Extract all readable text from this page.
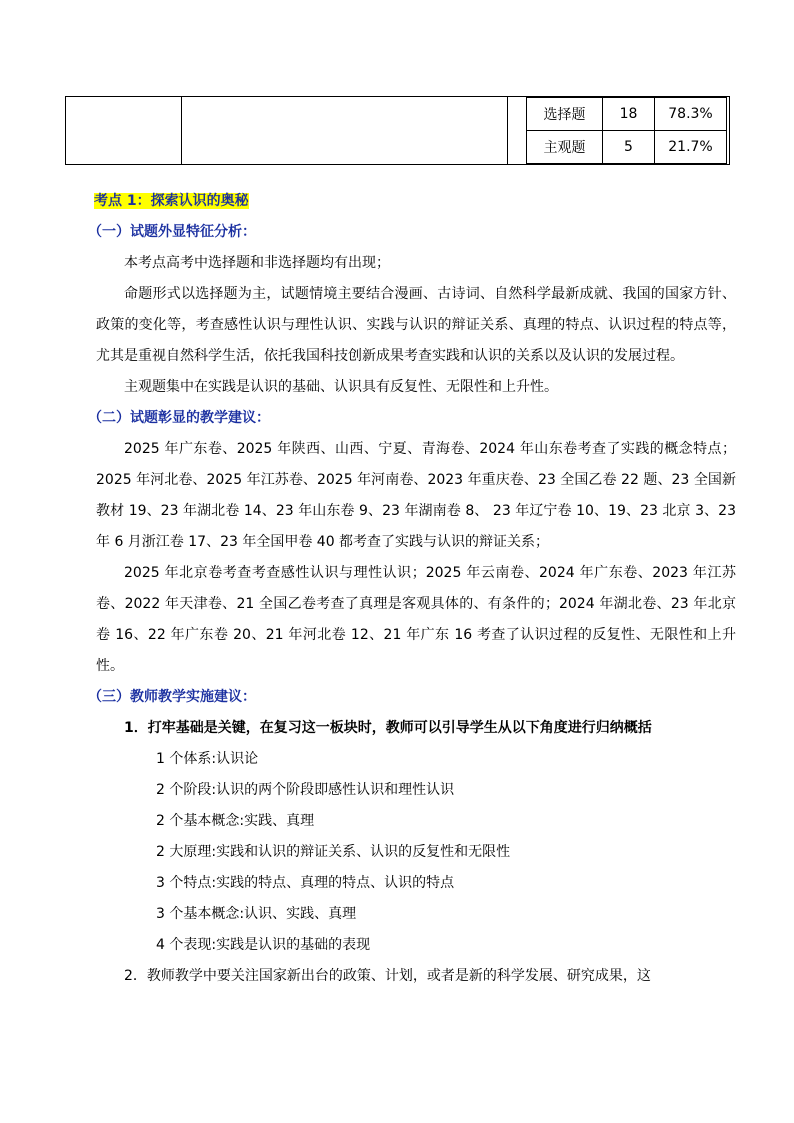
选择题	18	78.3%
主观题	5	21.7%
考点 1：探索认识的奥秘
（一）试题外显特征分析：
本考点高考中选择题和非选择题均有出现；
命题形式以选择题为主，试题情境主要结合漫画、古诗词、自然科学最新成就、我国的国家方针、政策的变化等，考查感性认识与理性认识、实践与认识的辩证关系、真理的特点、认识过程的特点等，尤其是重视自然科学生活，依托我国科技创新成果考查实践和认识的关系以及认识的发展过程。
主观题集中在实践是认识的基础、认识具有反复性、无限性和上升性。
（二）试题彰显的教学建议：
2025 年广东卷、2025 年陕西、山西、宁夏、青海卷、2024 年山东卷考查了实践的概念特点；2025 年河北卷、2025 年江苏卷、2025 年河南卷、2023 年重庆卷、23 全国乙卷 22 题、23 全国新教材 19、23 年湖北卷 14、23 年山东卷 9、23 年湖南卷 8、 23 年辽宁卷 10、19、23 北京 3、23 年 6 月浙江卷 17、23 年全国甲卷 40 都考查了实践与认识的辩证关系；
2025 年北京卷考查考查感性认识与理性认识；2025 年云南卷、2024 年广东卷、2023 年江苏卷、2022 年天津卷、21 全国乙卷考查了真理是客观具体的、有条件的；2024 年湖北卷、23 年北京卷 16、22 年广东卷 20、21 年河北卷 12、21 年广东 16 考查了认识过程的反复性、无限性和上升性。
（三）教师教学实施建议：
1．打牢基础是关键，在复习这一板块时，教师可以引导学生从以下角度进行归纳概括
1 个体系:认识论
2 个阶段:认识的两个阶段即感性认识和理性认识
2 个基本概念:实践、真理
2 大原理:实践和认识的辩证关系、认识的反复性和无限性
3 个特点:实践的特点、真理的特点、认识的特点
3 个基本概念:认识、实践、真理
4 个表现:实践是认识的基础的表现
2．教师教学中要关注国家新出台的政策、计划，或者是新的科学发展、研究成果，这
